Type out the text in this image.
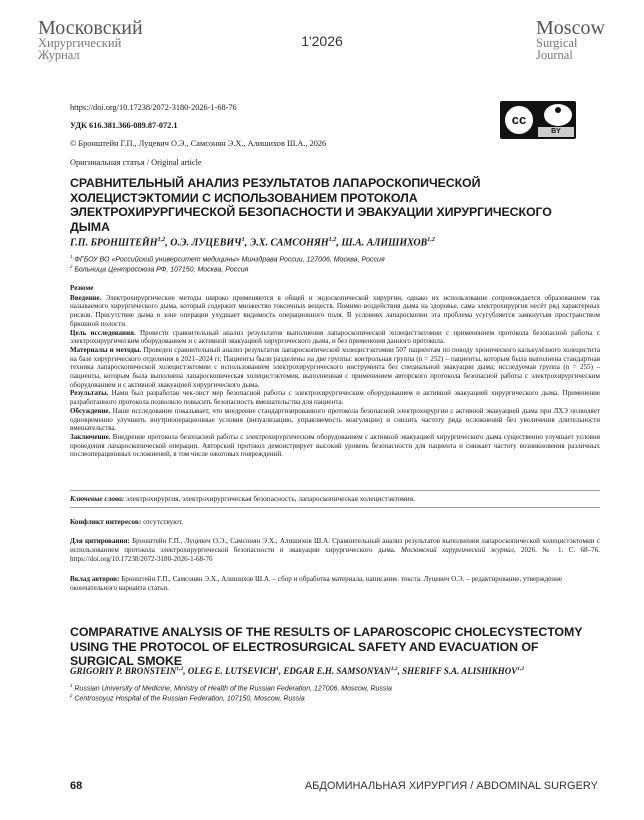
Московский
Хирургический
Журнал
1'2026
Moscow
Surgical
Journal
https://doi.org/10.17238/2072-3180-2026-1-68-76
УДК 616.381.366-089.87-072.1
© Бронштейн Г.П., Луцевич О.Э., Самсонян Э.Х., Алишихов Ш.А., 2026
Оригинальная статья / Original article
cc
BY
СРАВНИТЕЛЬНЫЙ АНАЛИЗ РЕЗУЛЬТАТОВ ЛАПАРОСКОПИЧЕСКОЙ ХОЛЕЦИСТЭКТОМИИ С ИСПОЛЬЗОВАНИЕМ ПРОТОКОЛА ЭЛЕКТРОХИРУРГИЧЕСКОЙ БЕЗОПАСНОСТИ И ЭВАКУАЦИИ ХИРУРГИЧЕСКОГО ДЫМА
Г.П. БРОНШТЕЙН$^{1,2}$, О.Э. ЛУЦЕВИЧ$^1$, Э.Х. САМСОНЯН$^{1,2}$, Ш.А. АЛИШИХОВ$^{1,2}$
$^1$ ФГБОУ ВО «Российский университет медицины» Минздрава России, 127006, Москва, Россия
$^2$ Больница Центросоюза РФ, 107150, Москва, Россия

Резюме

Введение. Электрохирургические методы широко применяются в общей и эндоскопической хирургии, однако их использование сопровождается образованием так называемого хирургического дыма, который содержит множество токсичных веществ. Помимо воздействия дыма на здоровье, сама электрохирургия несёт ряд характерных рисков. Присутствие дыма в зоне операции ухудшает видимость операционного поля. В условиях лапароскопии эта проблема усугубляется замкнутым пространством брюшной полости.

Цель исследования. Провести сравнительный анализ результатов выполнения лапароскопической холецистэктомии с применением протокола безопасной работы с электрохирургическим оборудованием и с активной эвакуацией хирургического дыма, и без применения данного протокола.

Материалы и методы. Проведен сравнительный анализ результатов лапароскопической холецистэктомии 507 пациентам по поводу хронического калькулёзного холецистита на базе хирургического отделения в 2021–2024 гг. Пациенты были разделены на две группы: контрольная группа (n = 252) – пациенты, которым была выполнена стандартная техника лапароскопической холецистэктомии с использованием электрохирургического инструмента без специальной эвакуации дыма; исследуемая группа (n = 255) – пациенты, которым была выполнена лапароскопическая холецистэктомия, выполненная с применением авторского протокола безопасной работы с электрохирургическим оборудованием и с активной эвакуацией хирургического дыма.

Результаты. Нами был разработан чек-лист мер безопасной работы с электрохирургическим оборудованием и активной эвакуацией хирургического дыма. Применение разработанного протокола позволило повысить безопасность вмешательства для пациента.

Обсуждение. Наше исследование показывает, что внедрение стандартизированного протокола безопасной электрохирургии с активной эвакуацией дыма при ЛХЭ позволяет одновременно улучшить внутриоперационные условия (визуализацию, управляемость коагуляции) и снизить частоту ряда осложнений без увеличения длительности вмешательства.

Заключение. Внедрение протокола безопасной работы с электрохирургическим оборудованием с активной эвакуацией хирургического дыма существенно улучшает условия проведения лапароскопической операции. Авторский протокол демонстрирует высокий уровень безопасности для пациента и снижает частоту возникновения различных послеоперационных осложнений, в том числе ожоговых повреждений.

Ключевые слова: электрохирургия, электрохирургическая безопасность, лапароскопическая холецистэктомия.
Конфликт интересов: отсутствуют.
Для цитирования: Бронштейн Г.П., Луцевич О.Э., Самсонян Э.Х., Алишихов Ш.А. Сравнительный анализ результатов выполнения лапароскопической холецистэктомии с использованием протокола электрохирургической безопасности и эвакуации хирургического дыма. Московский хирургический журнал, 2026. № 1. С. 68–76. https://doi.org/10.17238/2072-3180-2026-1-68-76
Вклад авторов: Бронштейн Г.П., Самсонян Э.Х., Алишихов Ш.А. – сбор и обработка материала, написание. текста. Луцевич О.Э. – редактирование, утверждение окончательного варианта статьи.
COMPARATIVE ANALYSIS OF THE RESULTS OF LAPAROSCOPIC CHOLECYSTECTOMY USING THE PROTOCOL OF ELECTROSURGICAL SAFETY AND EVACUATION OF SURGICAL SMOKE
GRIGORIY P. BRONSTEIN$^{1,2}$, OLEG E. LUTSEVICH$^1$, EDGAR E.H. SAMSONYAN$^{1,2}$, SHERIFF S.A. ALISHIKHOV$^{1,2}$
$^1$ Russian University of Medicine, Ministry of Health of the Russian Federation, 127006, Moscow, Russia
$^2$ Centrosoyuz Hospital of the Russian Federation, 107150, Moscow, Russia
68	АБДОМИНАЛЬНАЯ ХИРУРГИЯ / ABDOMINAL SURGERY
